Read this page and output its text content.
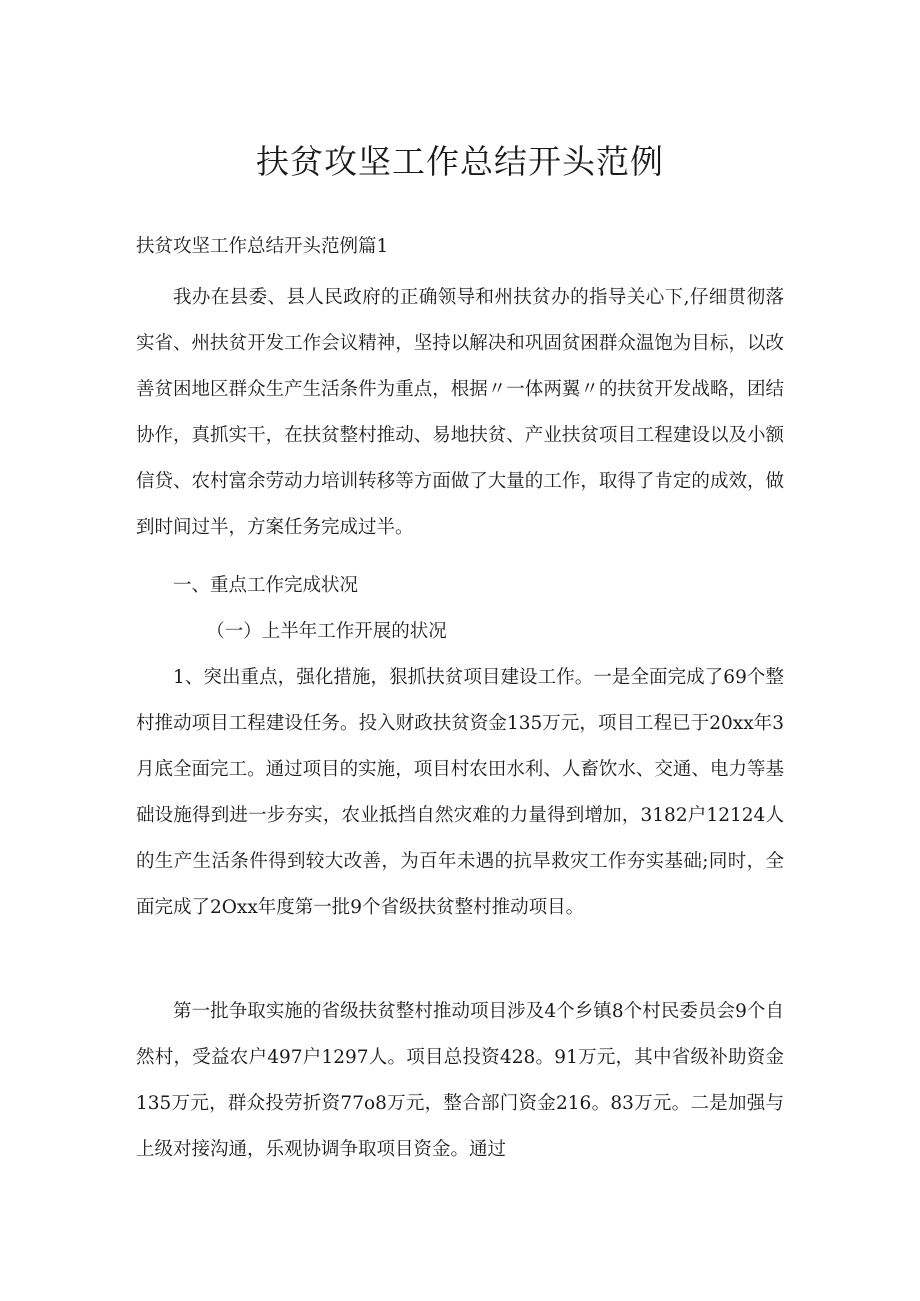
扶贫攻坚工作总结开头范例

扶贫攻坚工作总结开头范例篇1

我办在县委、县人民政府的正确领导和州扶贫办的指导关心下,仔细贯彻落实省、州扶贫开发工作会议精神，坚持以解决和巩固贫困群众温饱为目标，以改善贫困地区群众生产生活条件为重点，根据〃一体两翼〃的扶贫开发战略，团结协作，真抓实干，在扶贫整村推动、易地扶贫、产业扶贫项目工程建设以及小额信贷、农村富余劳动力培训转移等方面做了大量的工作，取得了肯定的成效，做到时间过半，方案任务完成过半。

一、重点工作完成状况

（一）上半年工作开展的状况

1、突出重点，强化措施，狠抓扶贫项目建设工作。一是全面完成了69个整村推动项目工程建设任务。投入财政扶贫资金135万元，项目工程已于20xx年3月底全面完工。通过项目的实施，项目村农田水利、人畜饮水、交通、电力等基础设施得到进一步夯实，农业抵挡自然灾难的力量得到增加，3182户12124人的生产生活条件得到较大改善，为百年未遇的抗旱救灾工作夯实基础;同时，全面完成了2Oxx年度第一批9个省级扶贫整村推动项目。

第一批争取实施的省级扶贫整村推动项目涉及4个乡镇8个村民委员会9个自然村，受益农户497户1297人。项目总投资428。91万元，其中省级补助资金135万元，群众投劳折资77o8万元，整合部门资金216。83万元。二是加强与上级对接沟通，乐观协调争取项目资金。通过
